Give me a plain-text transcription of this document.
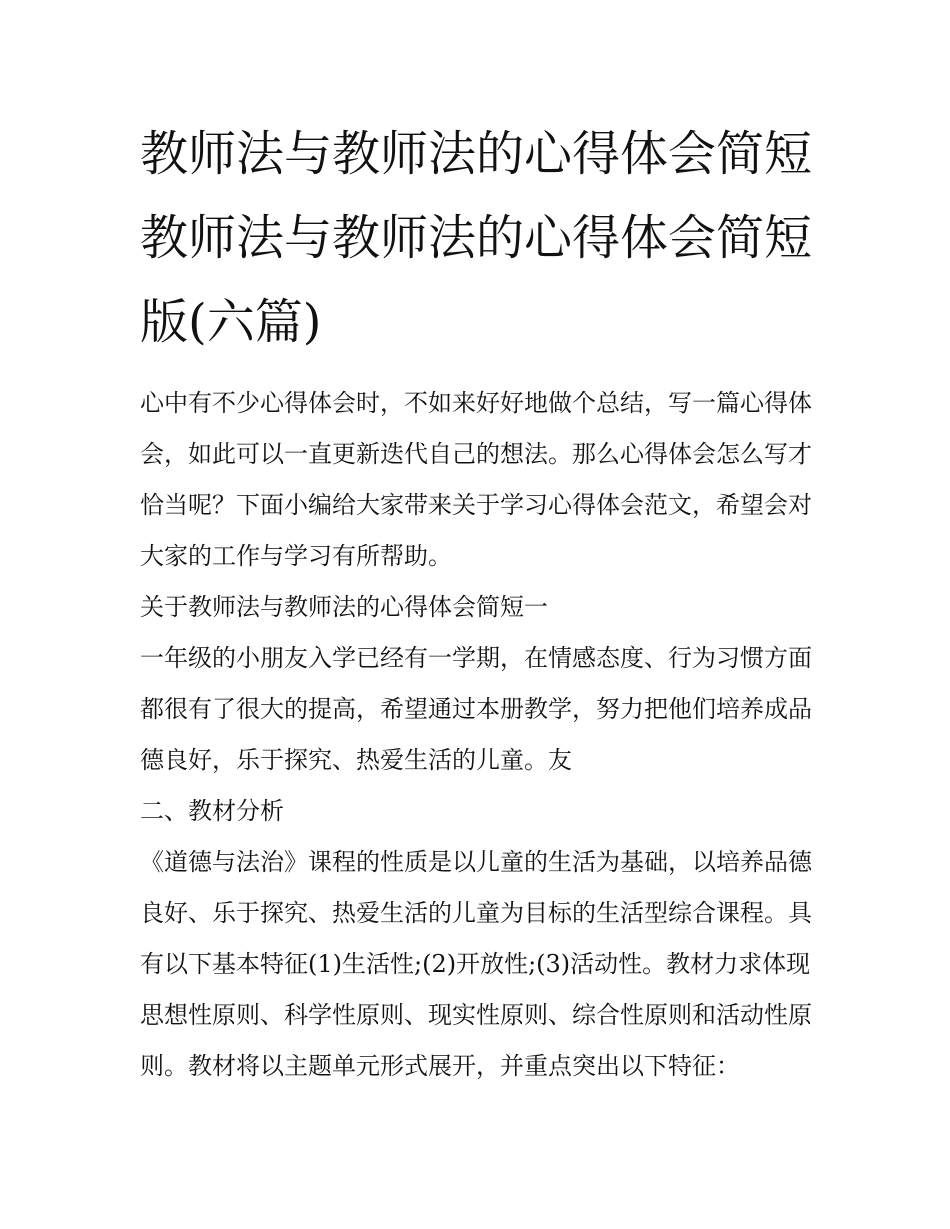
教师法与教师法的心得体会简短 教师法与教师法的心得体会简短版(六篇)

心中有不少心得体会时，不如来好好地做个总结，写一篇心得体会，如此可以一直更新迭代自己的想法。那么心得体会怎么写才恰当呢？下面小编给大家带来关于学习心得体会范文，希望会对大家的工作与学习有所帮助。

关于教师法与教师法的心得体会简短一

一年级的小朋友入学已经有一学期，在情感态度、行为习惯方面都很有了很大的提高，希望通过本册教学，努力把他们培养成品德良好，乐于探究、热爱生活的儿童。友

二、教材分析

《道德与法治》课程的性质是以儿童的生活为基础，以培养品德良好、乐于探究、热爱生活的儿童为目标的生活型综合课程。具有以下基本特征(1)生活性;(2)开放性;(3)活动性。教材力求体现思想性原则、科学性原则、现实性原则、综合性原则和活动性原则。教材将以主题单元形式展开，并重点突出以下特征：
